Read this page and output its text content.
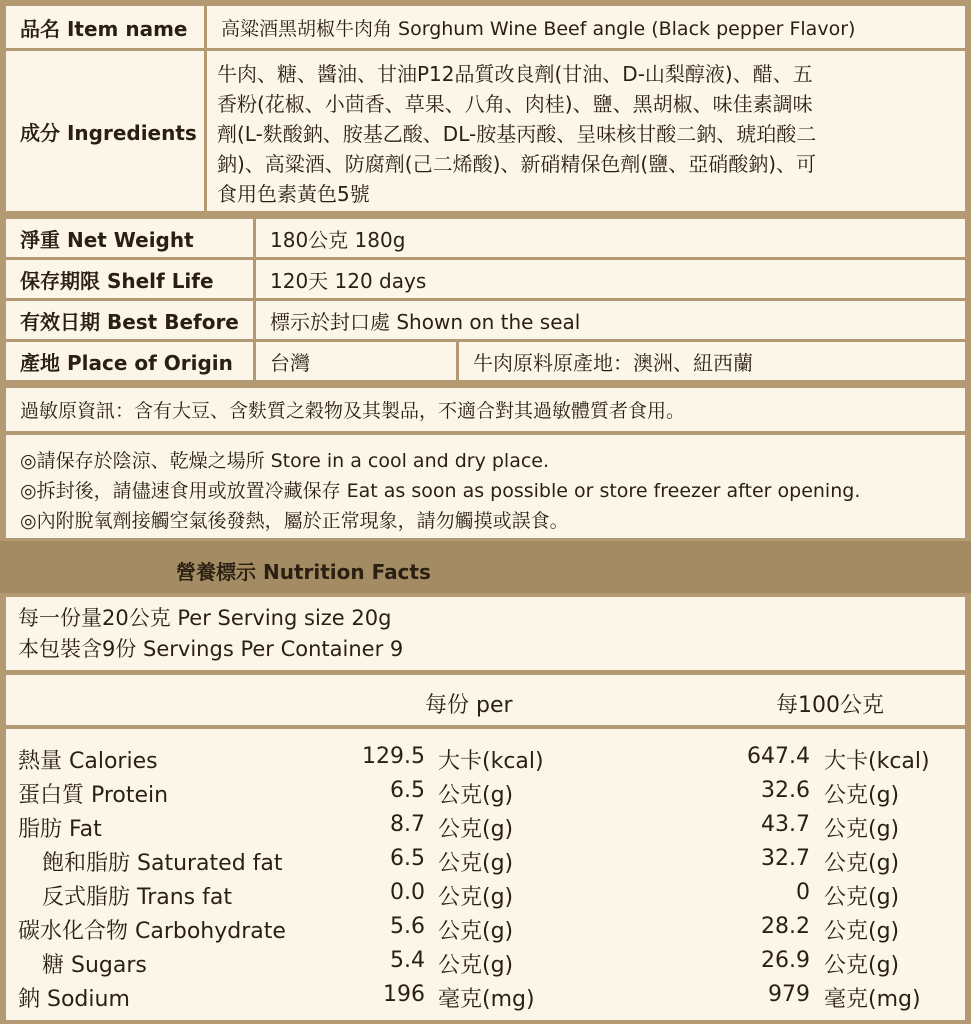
品名 Item name 高粱酒黑胡椒牛肉角 Sorghum Wine Beef angle (Black pepper Flavor)
成分 Ingredients
牛肉、糖、醬油、甘油P12品質改良劑(甘油、D-山梨醇液)、醋、五
香粉(花椒、小茴香、草果、八角、肉桂)、鹽、黑胡椒、味佳素調味
劑(L-麩酸鈉、胺基乙酸、DL-胺基丙酸、呈味核甘酸二鈉、琥珀酸二
鈉)、高粱酒、防腐劑(己二烯酸)、新硝精保色劑(鹽、亞硝酸鈉)、可
食用色素黃色5號
淨重 Net Weight	180公克 180g
保存期限 Shelf Life	120天 120 days
有效日期 Best Before 標示於封口處 Shown on the seal
產地 Place of Origin 台灣	牛肉原料原產地：澳洲、紐西蘭
過敏原資訊：含有大豆、含麩質之穀物及其製品，不適合對其過敏體質者食用。
◎請保存於陰涼、乾燥之場所 Store in a cool and dry place.
◎拆封後，請儘速食用或放置冷藏保存 Eat as soon as possible or store freezer after opening.
◎內附脫氧劑接觸空氣後發熱，屬於正常現象，請勿觸摸或誤食。
營養標示 Nutrition Facts
每一份量20公克 Per Serving size 20g
本包裝含9份 Servings Per Container 9
每份 per	每100公克
熱量 Calories	129.5 大卡(kcal)	647.4 大卡(kcal)
蛋白質 Protein	6.5 公克(g)	32.6 公克(g)
脂肪 Fat	8.7 公克(g)	43.7 公克(g)
飽和脂肪 Saturated fat	6.5 公克(g)	32.7 公克(g)
反式脂肪 Trans fat	0.0 公克(g)	0 公克(g)
碳水化合物 Carbohydrate	5.6 公克(g)	28.2 公克(g)
糖 Sugars	5.4 公克(g)	26.9 公克(g)
鈉 Sodium	196 毫克(mg)	979 毫克(mg)
